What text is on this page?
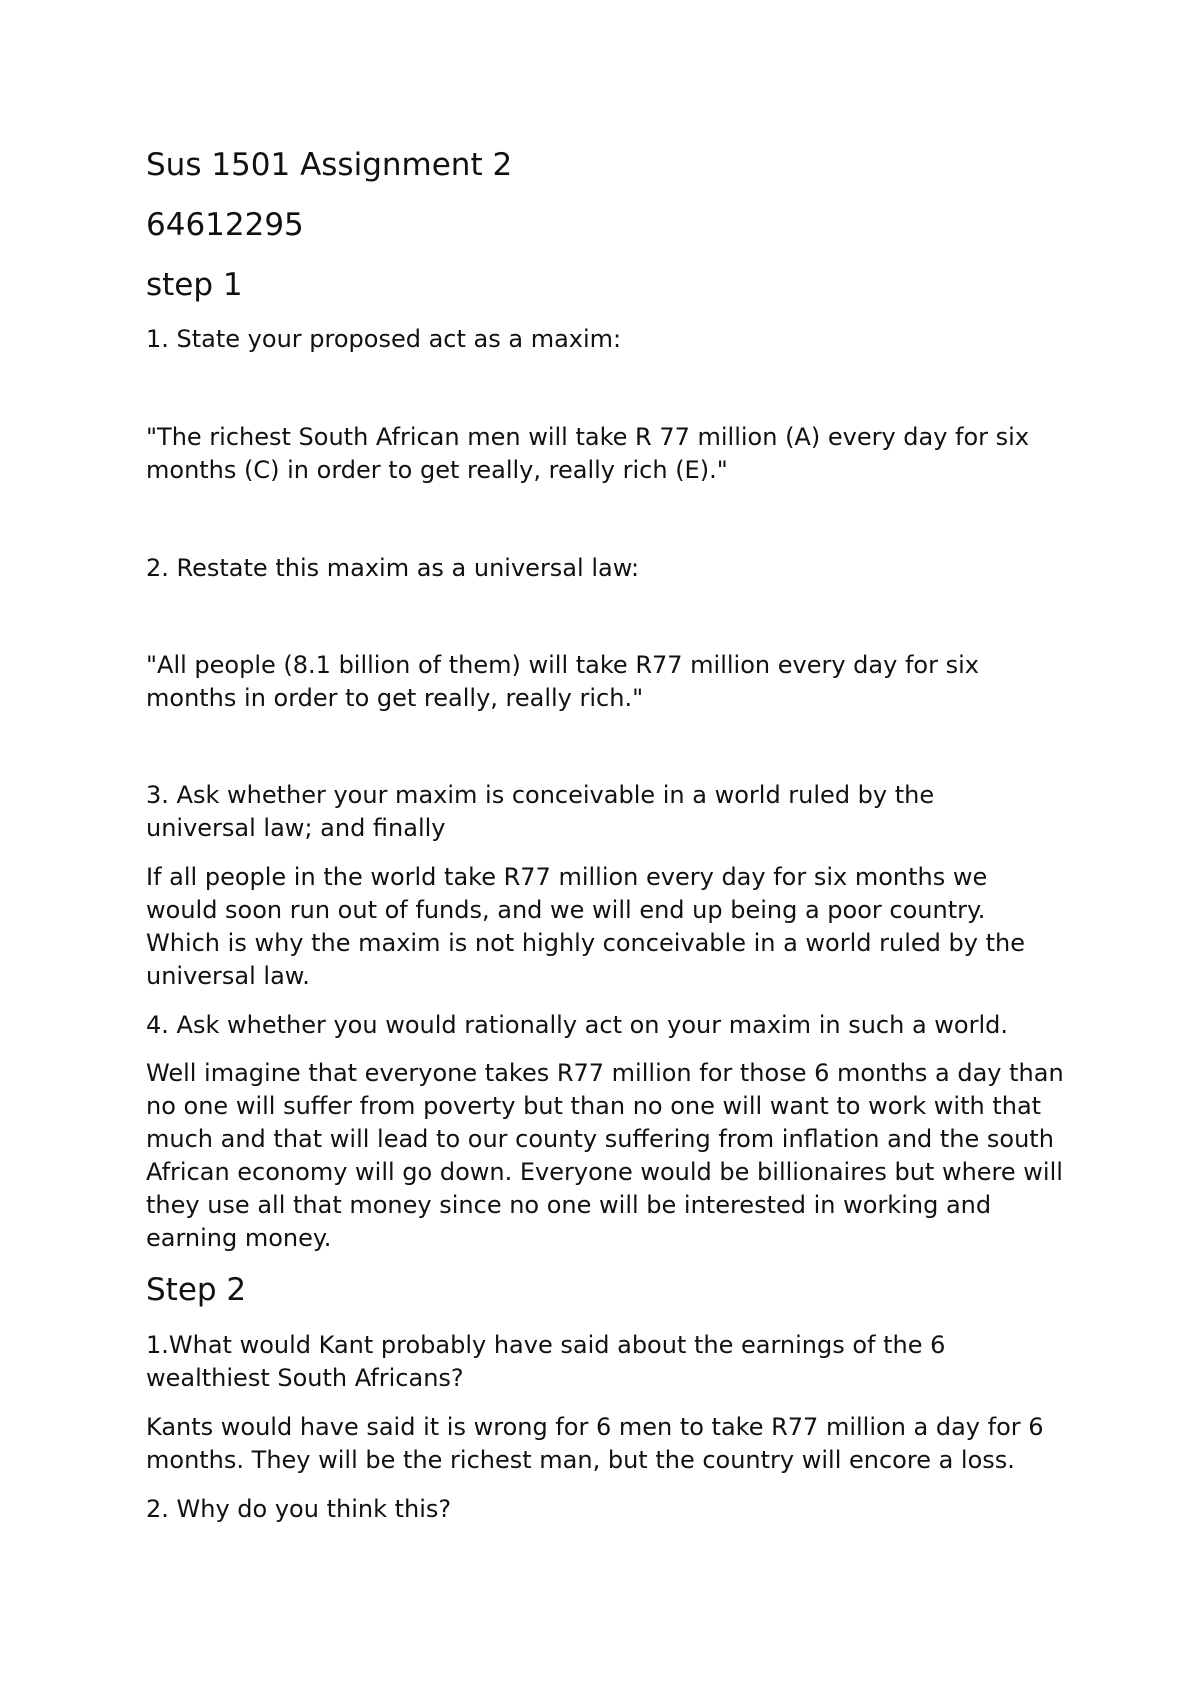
Sus 1501 Assignment 2

64612295

step 1

1. State your proposed act as a maxim:

"The richest South African men will take R 77 million (A) every day for six months (C) in order to get really, really rich (E)."

2. Restate this maxim as a universal law:

"All people (8.1 billion of them) will take R77 million every day for six months in order to get really, really rich."

3. Ask whether your maxim is conceivable in a world ruled by the universal law; and finally

If all people in the world take R77 million every day for six months we would soon run out of funds, and we will end up being a poor country. Which is why the maxim is not highly conceivable in a world ruled by the universal law.

4. Ask whether you would rationally act on your maxim in such a world.

Well imagine that everyone takes R77 million for those 6 months a day than no one will suffer from poverty but than no one will want to work with that much and that will lead to our county suffering from inflation and the south African economy will go down. Everyone would be billionaires but where will they use all that money since no one will be interested in working and earning money.

Step 2

1.What would Kant probably have said about the earnings of the 6 wealthiest South Africans?

Kants would have said it is wrong for 6 men to take R77 million a day for 6 months. They will be the richest man, but the country will encore a loss.

2. Why do you think this?
